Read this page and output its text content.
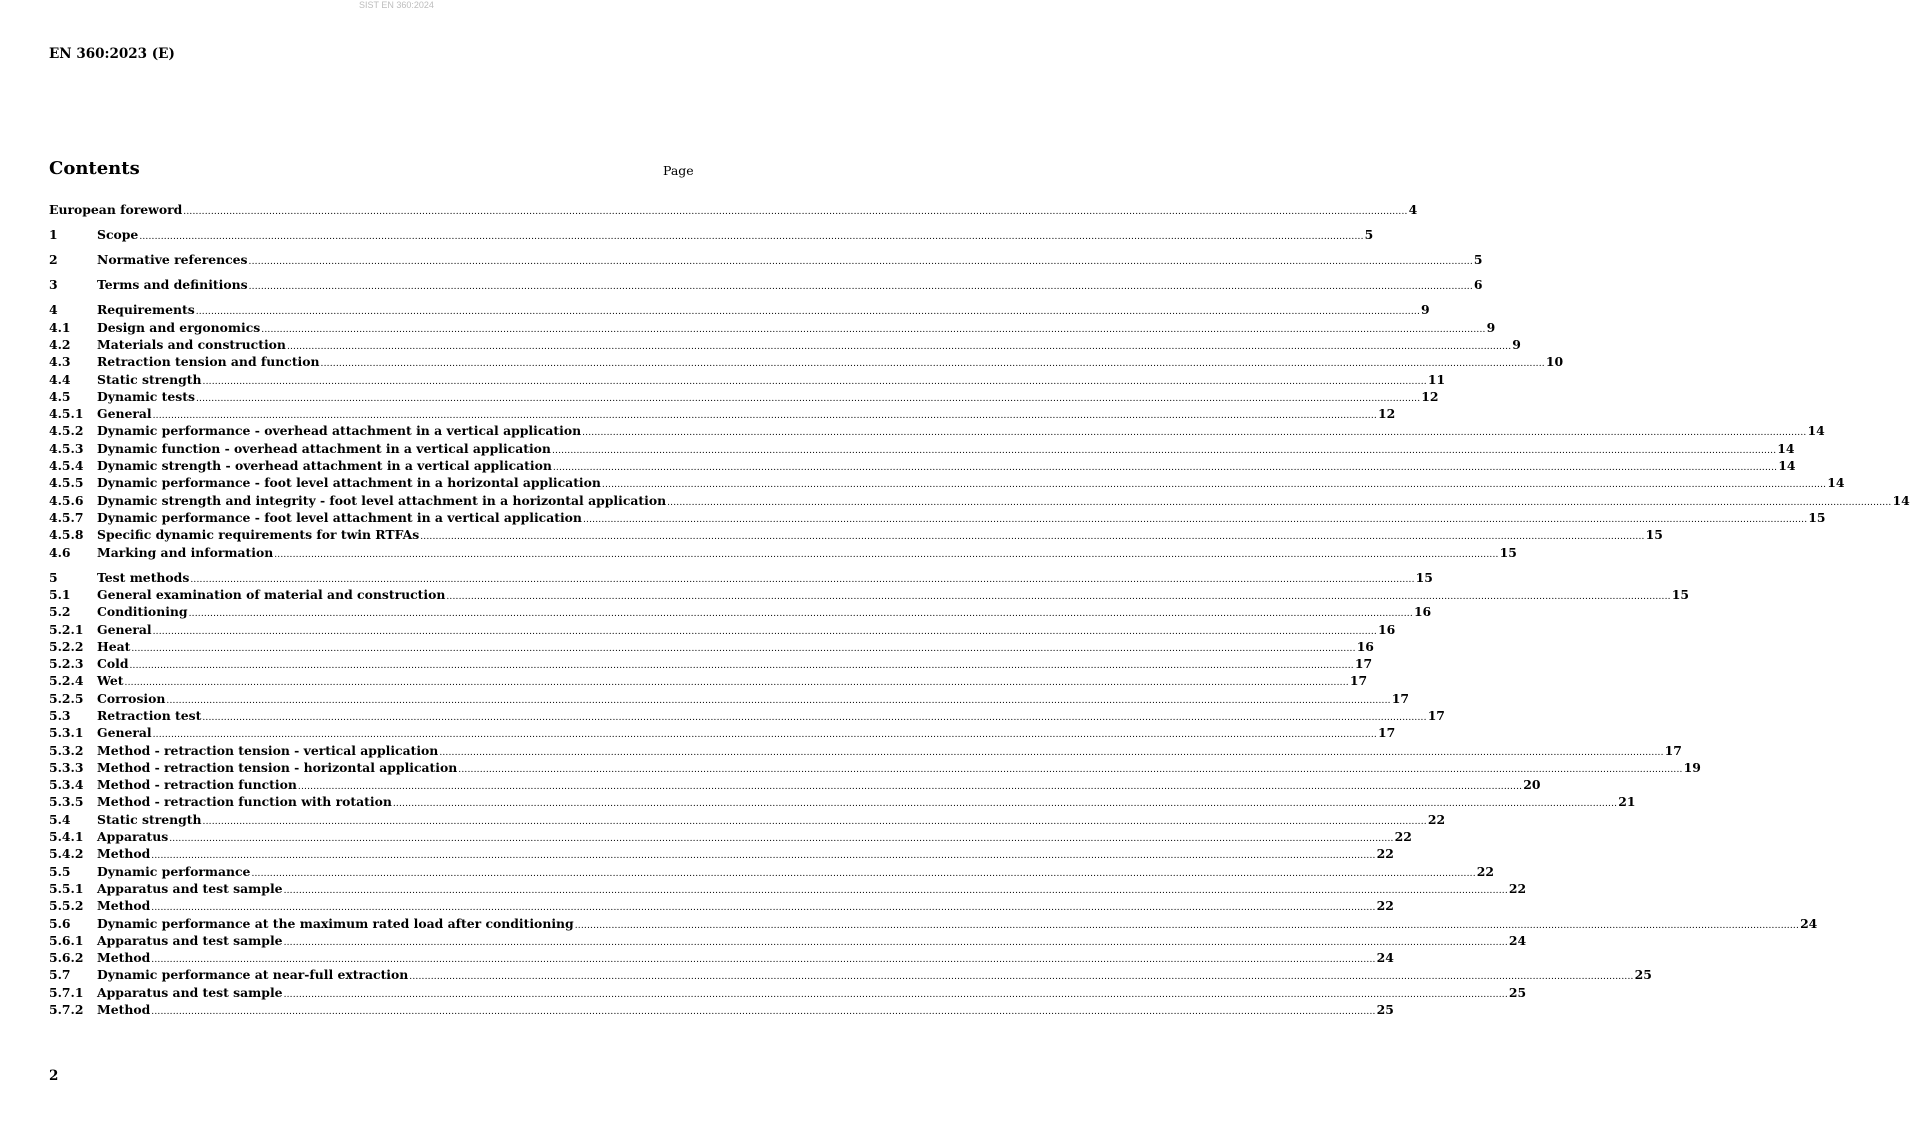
SIST EN 360:2024
EN 360:2023 (E)
Contents	Page
European foreword ................................................................................................................................................................................................................................................................................................................................................................................................................ 4
1	Scope ................................................................................................................................................................................................................................................................................................................................................................................................................ 5
2	Normative references ................................................................................................................................................................................................................................................................................................................................................................................................................ 5
3	Terms and definitions ................................................................................................................................................................................................................................................................................................................................................................................................................ 6
4	Requirements ................................................................................................................................................................................................................................................................................................................................................................................................................ 9
4.1	Design and ergonomics ................................................................................................................................................................................................................................................................................................................................................................................................................ 9
4.2	Materials and construction ................................................................................................................................................................................................................................................................................................................................................................................................................ 9
4.3	Retraction tension and function ................................................................................................................................................................................................................................................................................................................................................................................................................ 10
4.4	Static strength ................................................................................................................................................................................................................................................................................................................................................................................................................ 11
4.5	Dynamic tests ................................................................................................................................................................................................................................................................................................................................................................................................................ 12
4.5.1	General ................................................................................................................................................................................................................................................................................................................................................................................................................ 12
4.5.2	Dynamic performance - overhead attachment in a vertical application ................................................................................................................................................................................................................................................................................................................................................................................................................ 14
4.5.3	Dynamic function - overhead attachment in a vertical application ................................................................................................................................................................................................................................................................................................................................................................................................................ 14
4.5.4	Dynamic strength - overhead attachment in a vertical application ................................................................................................................................................................................................................................................................................................................................................................................................................ 14
4.5.5	Dynamic performance - foot level attachment in a horizontal application ................................................................................................................................................................................................................................................................................................................................................................................................................ 14
4.5.6	Dynamic strength and integrity - foot level attachment in a horizontal application ................................................................................................................................................................................................................................................................................................................................................................................................................ 14
4.5.7	Dynamic performance - foot level attachment in a vertical application ................................................................................................................................................................................................................................................................................................................................................................................................................ 15
4.5.8	Specific dynamic requirements for twin RTFAs ................................................................................................................................................................................................................................................................................................................................................................................................................ 15
4.6	Marking and information ................................................................................................................................................................................................................................................................................................................................................................................................................ 15
5	Test methods ................................................................................................................................................................................................................................................................................................................................................................................................................ 15
5.1	General examination of material and construction ................................................................................................................................................................................................................................................................................................................................................................................................................ 15
5.2	Conditioning ................................................................................................................................................................................................................................................................................................................................................................................................................ 16
5.2.1	General ................................................................................................................................................................................................................................................................................................................................................................................................................ 16
5.2.2	Heat ................................................................................................................................................................................................................................................................................................................................................................................................................ 16
5.2.3	Cold ................................................................................................................................................................................................................................................................................................................................................................................................................ 17
5.2.4	Wet ................................................................................................................................................................................................................................................................................................................................................................................................................ 17
5.2.5	Corrosion ................................................................................................................................................................................................................................................................................................................................................................................................................ 17
5.3	Retraction test ................................................................................................................................................................................................................................................................................................................................................................................................................ 17
5.3.1	General ................................................................................................................................................................................................................................................................................................................................................................................................................ 17
5.3.2	Method - retraction tension - vertical application ................................................................................................................................................................................................................................................................................................................................................................................................................ 17
5.3.3	Method - retraction tension - horizontal application ................................................................................................................................................................................................................................................................................................................................................................................................................ 19
5.3.4	Method - retraction function ................................................................................................................................................................................................................................................................................................................................................................................................................ 20
5.3.5	Method - retraction function with rotation ................................................................................................................................................................................................................................................................................................................................................................................................................ 21
5.4	Static strength ................................................................................................................................................................................................................................................................................................................................................................................................................ 22
5.4.1	Apparatus ................................................................................................................................................................................................................................................................................................................................................................................................................ 22
5.4.2	Method ................................................................................................................................................................................................................................................................................................................................................................................................................ 22
5.5	Dynamic performance ................................................................................................................................................................................................................................................................................................................................................................................................................ 22
5.5.1	Apparatus and test sample ................................................................................................................................................................................................................................................................................................................................................................................................................ 22
5.5.2	Method ................................................................................................................................................................................................................................................................................................................................................................................................................ 22
5.6	Dynamic performance at the maximum rated load after conditioning ................................................................................................................................................................................................................................................................................................................................................................................................................ 24
5.6.1	Apparatus and test sample ................................................................................................................................................................................................................................................................................................................................................................................................................ 24
5.6.2	Method ................................................................................................................................................................................................................................................................................................................................................................................................................ 24
5.7	Dynamic performance at near-full extraction ................................................................................................................................................................................................................................................................................................................................................................................................................ 25
5.7.1	Apparatus and test sample ................................................................................................................................................................................................................................................................................................................................................................................................................ 25
5.7.2	Method ................................................................................................................................................................................................................................................................................................................................................................................................................ 25
2
